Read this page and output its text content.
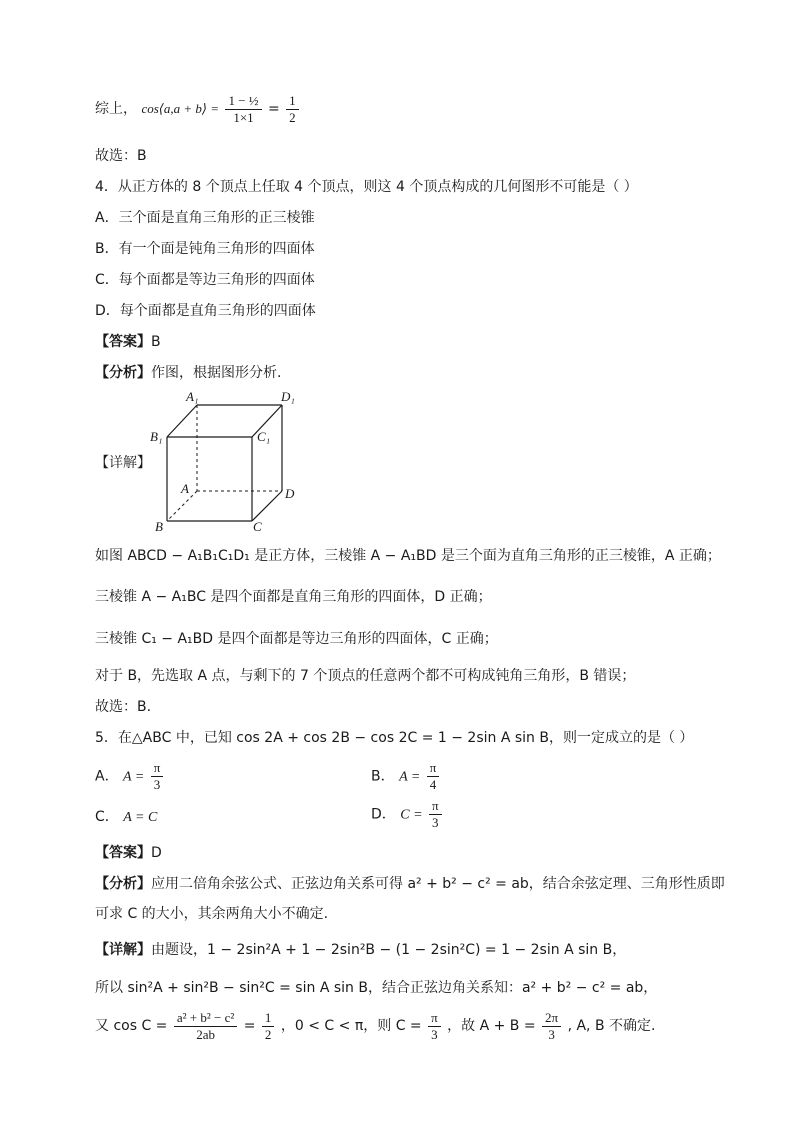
综上， cos⟨a,a + b⟩ = $\frac{\text{1 − ½}}{1\times 1} = \frac{1}{2}$
故选：B
4．从正方体的 8 个顶点上任取 4 个顶点，则这 4 个顶点构成的几何图形不可能是（ ）
A．三个面是直角三角形的正三棱锥
B．有一个面是钝角三角形的四面体
C．每个面都是等边三角形的四面体
D．每个面都是直角三角形的四面体
【答案】B
【分析】作图，根据图形分析.
【详解】
A₁	D₁
B₁	C₁
A	D
B	C
如图 ABCD − A₁B₁C₁D₁ 是正方体，三棱锥 A − A₁BD 是三个面为直角三角形的正三棱锥，A 正确；
三棱锥 A − A₁BC 是四个面都是直角三角形的四面体，D 正确；
三棱锥 C₁ − A₁BD 是四个面都是等边三角形的四面体，C 正确；
对于 B，先选取 A 点，与剩下的 7 个顶点的任意两个都不可构成钝角三角形，B 错误；
故选：B.
5．在△ABC 中，已知 cos 2A + cos 2B − cos 2C = 1 − 2sin A sin B，则一定成立的是（ ）
A． $A = \frac{\pi}{3}$	B． $A = \frac{\pi}{4}$
C． A = C	D． $C = \frac{\pi}{3}$
【答案】D
【分析】应用二倍角余弦公式、正弦边角关系可得 a² + b² − c² = ab，结合余弦定理、三角形性质即
可求 C 的大小，其余两角大小不确定.
【详解】由题设，1 − 2sin²A + 1 − 2sin²B − (1 − 2sin²C) = 1 − 2sin A sin B，
所以 sin²A + sin²B − sin²C = sin A sin B，结合正弦边角关系知：a² + b² − c² = ab，
又 $\cos C = \frac{\text{a² + b² − c²}}{2ab} = \frac{1}{2}$ ，0 < C < π，则 $C = \frac{\pi}{3}$ ，故 $A + B = \frac{2\pi}{3}$ , A, B 不确定.
